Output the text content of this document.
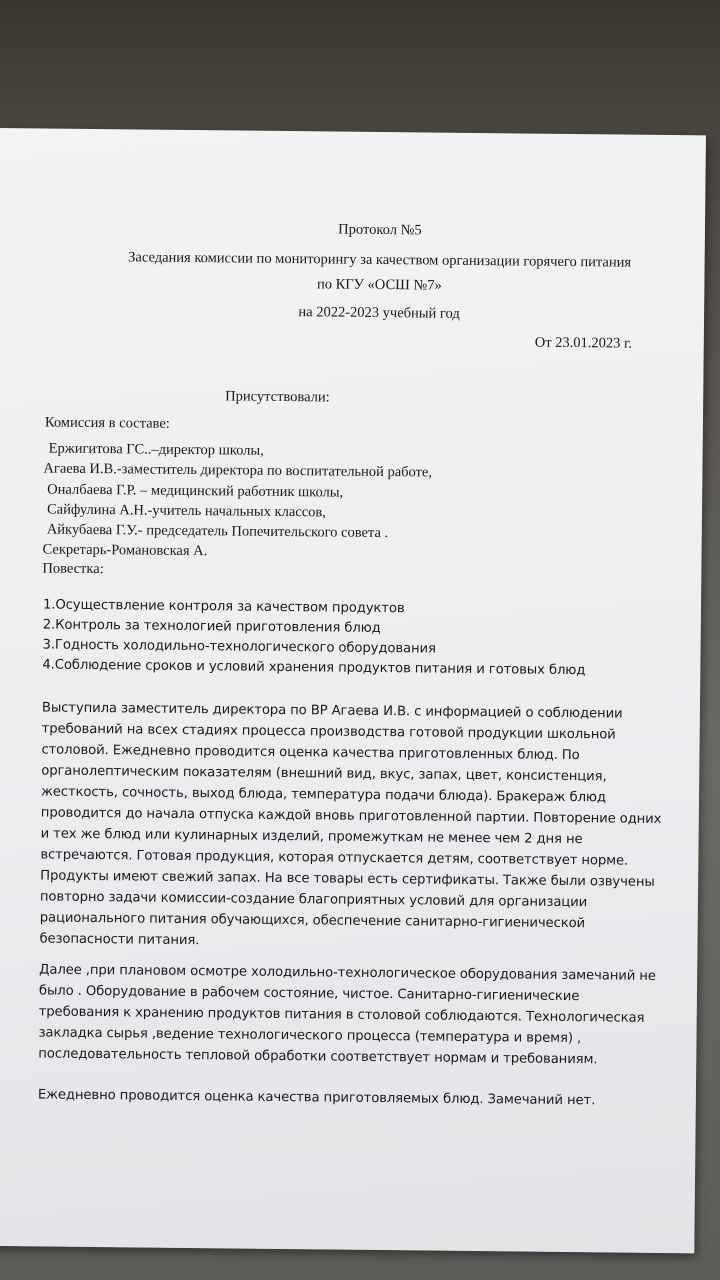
Протокол №5
Заседания комиссии по мониторингу за качеством организации горячего питания
по КГУ «ОСШ №7»
на 2022-2023 учебный год
От 23.01.2023 г.
Присутствовали:
Комиссия в составе:
Ержигитова ГС..–директор школы,
Агаева И.В.-заместитель директора по воспитательной работе,
Оналбаева Г.Р. – медицинский работник школы,
Сайфулина А.Н.-учитель начальных классов,
Айкубаева Г.У.- председатель Попечительского совета .
Секретарь-Романовская А.
Повестка:
1.Осуществление контроля за качеством продуктов
2.Контроль за технологией приготовления блюд
3.Годность холодильно-технологического оборудования
4.Соблюдение сроков и условий хранения продуктов питания и готовых блюд
Выступила заместитель директора по ВР Агаева И.В. с информацией о соблюдении
требований на всех стадиях процесса производства готовой продукции школьной
столовой. Ежедневно проводится оценка качества приготовленных блюд. По
органолептическим показателям (внешний вид, вкус, запах, цвет, консистенция,
жесткость, сочность, выход блюда, температура подачи блюда). Бракераж блюд
проводится до начала отпуска каждой вновь приготовленной партии. Повторение одних
и тех же блюд или кулинарных изделий, промежуткам не менее чем 2 дня не
встречаются. Готовая продукция, которая отпускается детям, соответствует норме.
Продукты имеют свежий запах. На все товары есть сертификаты. Также были озвучены
повторно задачи комиссии-создание благоприятных условий для организации
рационального питания обучающихся, обеспечение санитарно-гигиенической
безопасности питания.
Далее ,при плановом осмотре холодильно-технологическое оборудования замечаний не
было . Оборудование в рабочем состояние, чистое. Санитарно-гигиенические
требования к хранению продуктов питания в столовой соблюдаются. Технологическая
закладка сырья ,ведение технологического процесса (температура и время) ,
последовательность тепловой обработки соответствует нормам и требованиям.
Ежедневно проводится оценка качества приготовляемых блюд. Замечаний нет.
